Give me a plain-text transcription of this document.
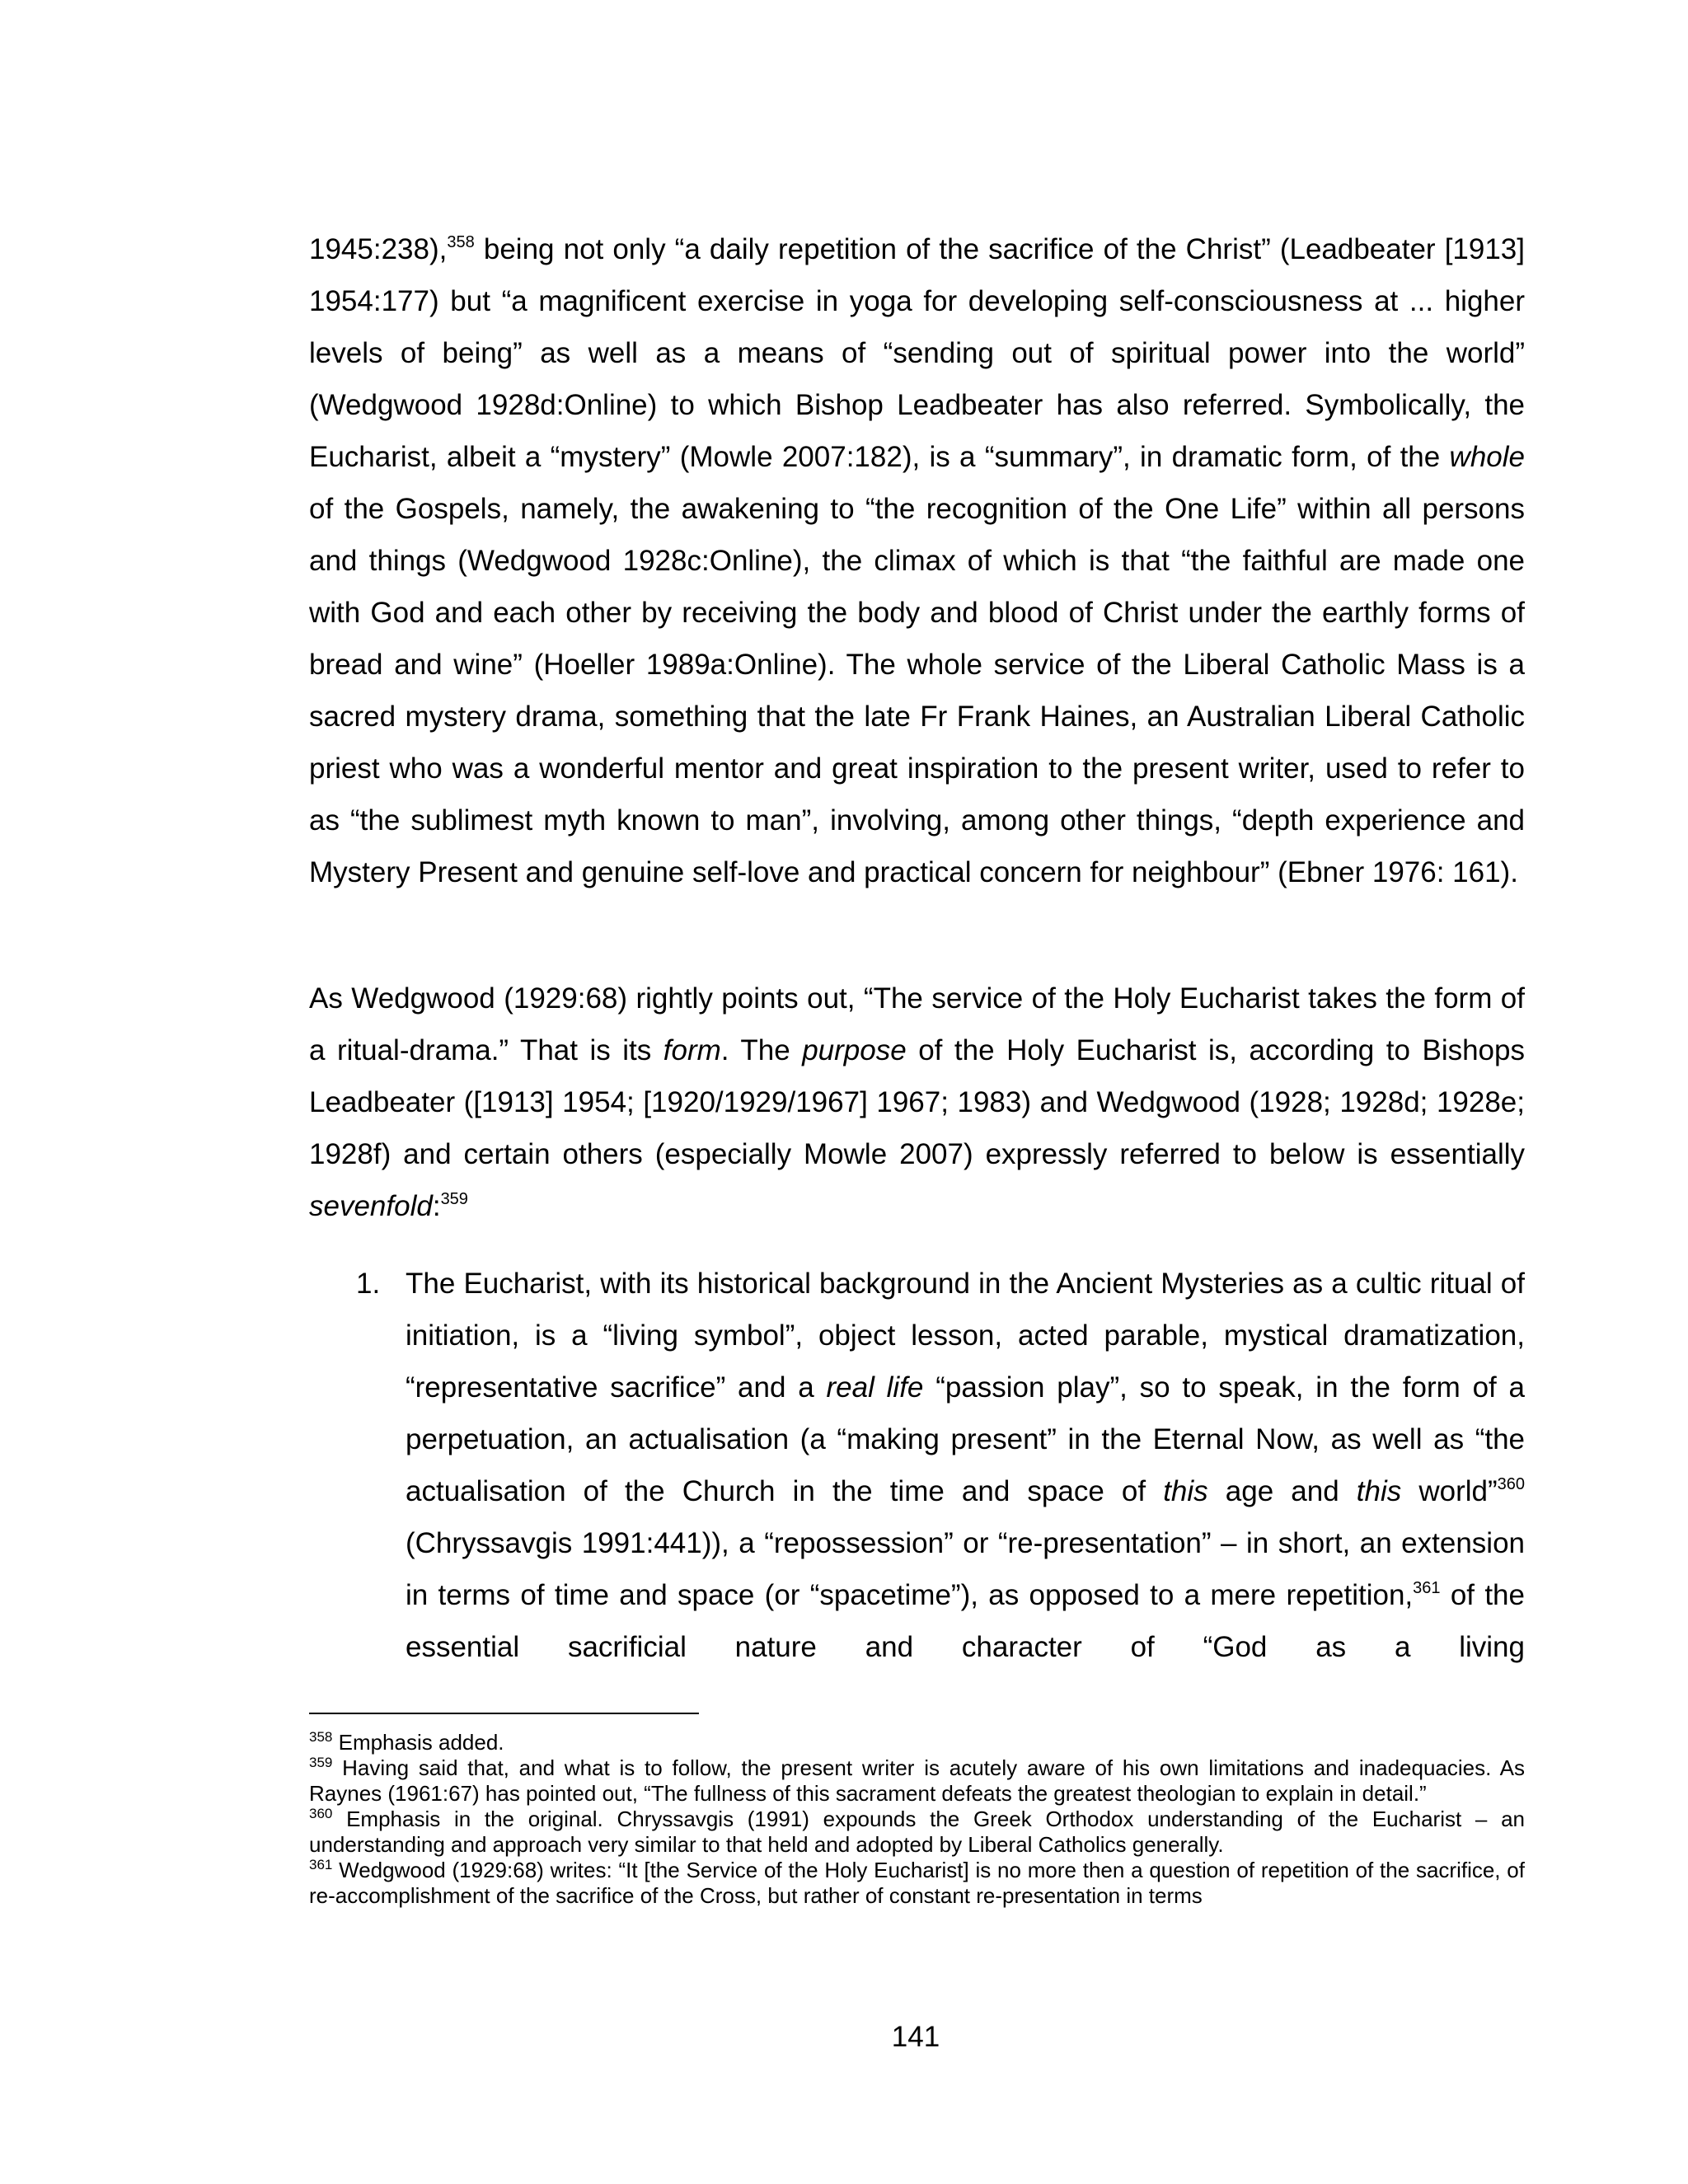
1945:238),$^{358}$ being not only “a daily repetition of the sacrifice of the Christ” (Leadbeater [1913] 1954:177) but “a magnificent exercise in yoga for developing self-consciousness at ... higher levels of being” as well as a means of “sending out of spiritual power into the world” (Wedgwood 1928d:Online) to which Bishop Leadbeater has also referred. Symbolically, the Eucharist, albeit a “mystery” (Mowle 2007:182), is a “summary”, in dramatic form, of the whole of the Gospels, namely, the awakening to “the recognition of the One Life” within all persons and things (Wedgwood 1928c:Online), the climax of which is that “the faithful are made one with God and each other by receiving the body and blood of Christ under the earthly forms of bread and wine” (Hoeller 1989a:Online). The whole service of the Liberal Catholic Mass is a sacred mystery drama, something that the late Fr Frank Haines, an Australian Liberal Catholic priest who was a wonderful mentor and great inspiration to the present writer, used to refer to as “the sublimest myth known to man”, involving, among other things, “depth experience and Mystery Present and genuine self-love and practical concern for neighbour” (Ebner 1976: 161).

As Wedgwood (1929:68) rightly points out, “The service of the Holy Eucharist takes the form of a ritual-drama.” That is its form. The purpose of the Holy Eucharist is, according to Bishops Leadbeater ([1913] 1954; [1920/1929/1967] 1967; 1983) and Wedgwood (1928; 1928d; 1928e; 1928f) and certain others (especially Mowle 2007) expressly referred to below is essentially sevenfold:$^{359}$

1. The Eucharist, with its historical background in the Ancient Mysteries as a cultic ritual of initiation, is a “living symbol”, object lesson, acted parable, mystical dramatization, “representative sacrifice” and a real life “passion play”, so to speak, in the form of a perpetuation, an actualisation (a “making present” in the Eternal Now, as well as “the actualisation of the Church in the time and space of this age and this world”$^{360}$ (Chryssavgis 1991:441)), a “repossession” or “re-presentation” – in short, an extension in terms of time and space (or “spacetime”), as opposed to a mere repetition,$^{361}$ of the essential sacrificial nature and character of “God as a living

$^{358}$ Emphasis added.

$^{359}$ Having said that, and what is to follow, the present writer is acutely aware of his own limitations and inadequacies. As Raynes (1961:67) has pointed out, “The fullness of this sacrament defeats the greatest theologian to explain in detail.”

$^{360}$ Emphasis in the original. Chryssavgis (1991) expounds the Greek Orthodox understanding of the Eucharist – an understanding and approach very similar to that held and adopted by Liberal Catholics generally.

$^{361}$ Wedgwood (1929:68) writes: “It [the Service of the Holy Eucharist] is no more then a question of repetition of the sacrifice, of re-accomplishment of the sacrifice of the Cross, but rather of constant re-presentation in terms

141
